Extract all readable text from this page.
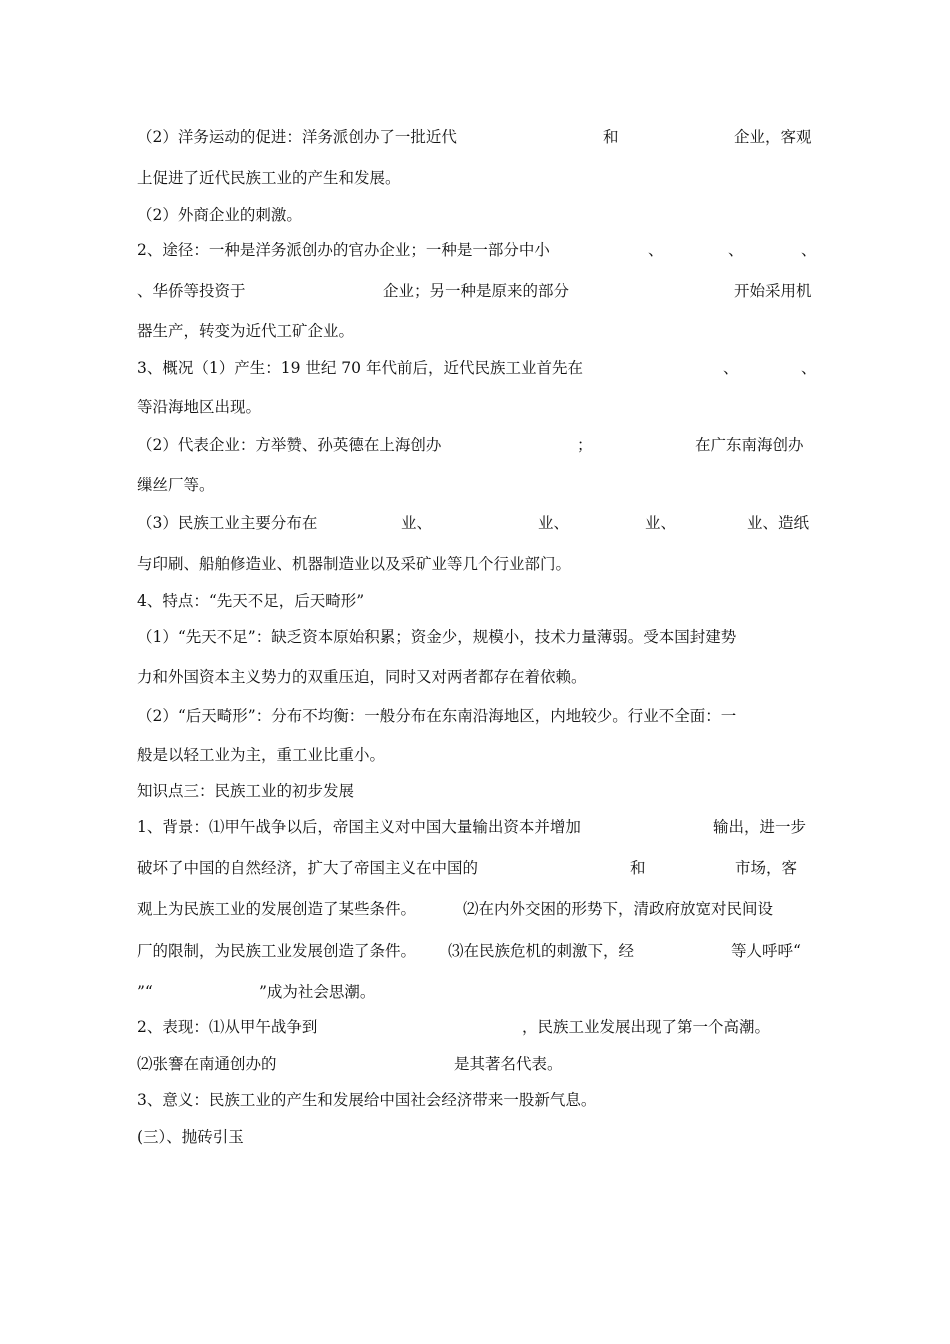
（2）洋务运动的促进：洋务派创办了一批近代	和	企业，客观
上促进了近代民族工业的产生和发展。
（2）外商企业的刺激。
2、途径：一种是洋务派创办的官办企业；一种是一部分中小	、	、	、
、华侨等投资于	企业；另一种是原来的部分	开始采用机
器生产，转变为近代工矿企业。
3、概况（1）产生：19 世纪 70 年代前后，近代民族工业首先在	、	、
等沿海地区出现。
（2）代表企业：方举赞、孙英德在上海创办	；	在广东南海创办
缫丝厂等。
（3）民族工业主要分布在	业、	业、	业、	业、造纸
与印刷、船舶修造业、机器制造业以及采矿业等几个行业部门。
4、特点：“先天不足，后天畸形”
（1）“先天不足”：缺乏资本原始积累；资金少，规模小，技术力量薄弱。受本国封建势
力和外国资本主义势力的双重压迫，同时又对两者都存在着依赖。
（2）“后天畸形”：分布不均衡：一般分布在东南沿海地区，内地较少。行业不全面：一
般是以轻工业为主，重工业比重小。
知识点三：民族工业的初步发展
1、背景：⑴甲午战争以后，帝国主义对中国大量输出资本并增加	输出，进一步
破坏了中国的自然经济，扩大了帝国主义在中国的	和	市场，客
观上为民族工业的发展创造了某些条件。	⑵在内外交困的形势下，清政府放宽对民间设
厂的限制，为民族工业发展创造了条件。 ⑶在民族危机的刺激下，经	等人呼呼“
”“	”成为社会思潮。
2、表现：⑴从甲午战争到	，民族工业发展出现了第一个高潮。
⑵张謇在南通创办的	是其著名代表。
3、意义：民族工业的产生和发展给中国社会经济带来一股新气息。
(三）、抛砖引玉
